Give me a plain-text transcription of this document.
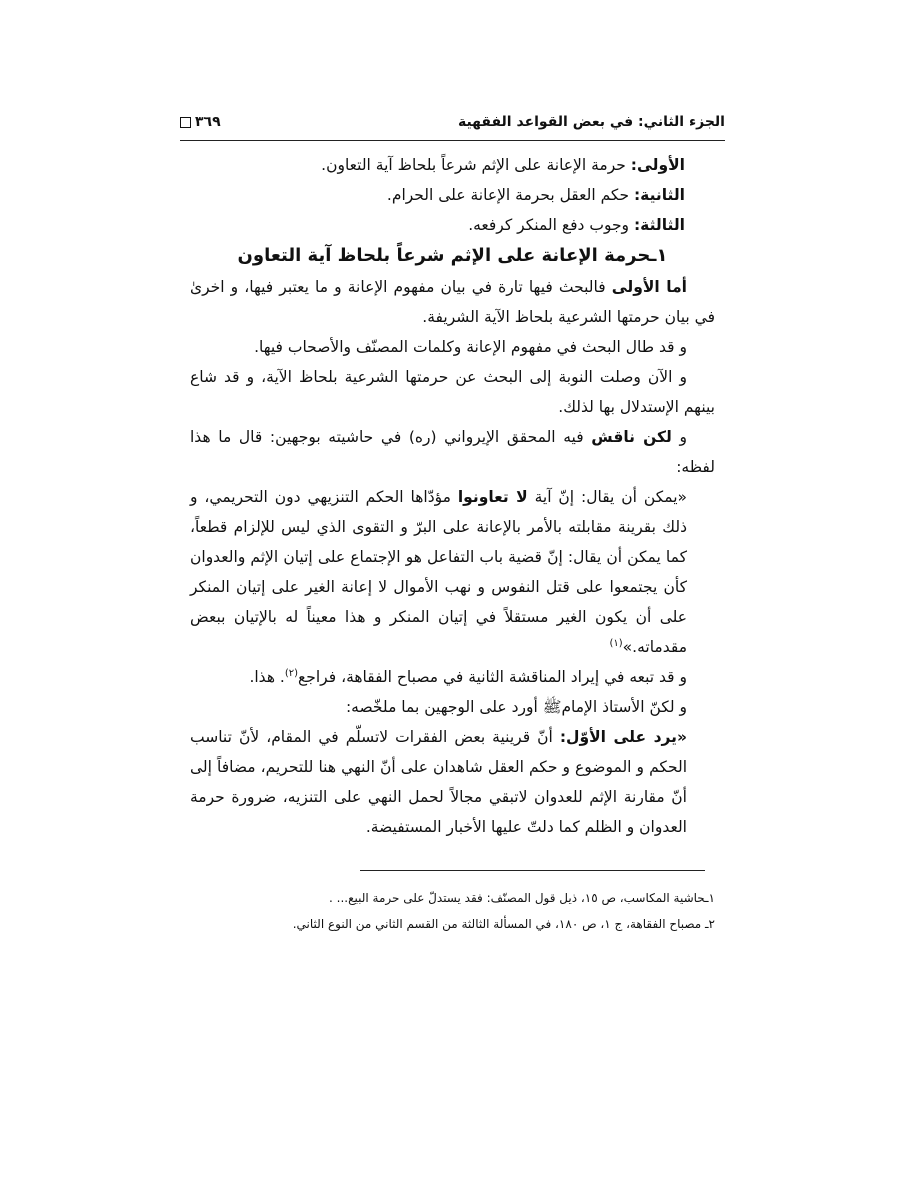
الجزء الثاني: في بعض القواعد الفقهية
٣٦٩

الأولى: حرمة الإعانة على الإثم شرعاً بلحاظ آية التعاون.

الثانية: حكم العقل بحرمة الإعانة على الحرام.

الثالثة: وجوب دفع المنكر كرفعه.

١ـحرمة الإعانة على الإثم شرعاً بلحاظ آية التعاون

أما الأولى فالبحث فيها تارة في بيان مفهوم الإعانة و ما يعتبر فيها، و اخرىٰ في بيان حرمتها الشرعية بلحاظ الآية الشريفة.

و قد طال البحث في مفهوم الإعانة وكلمات المصنّف والأصحاب فيها.

و الآن وصلت النوبة إلى البحث عن حرمتها الشرعية بلحاظ الآية، و قد شاع بينهم الإستدلال بها لذلك.

و لكن ناقش فيه المحقق الإيرواني (ره) في حاشيته بوجهين: قال ما هذا لفظه:

«يمكن أن يقال: إنّ آية لا تعاونوا مؤدّاها الحكم التنزيهي دون التحريمي، و ذلك بقرينة مقابلته بالأمر بالإعانة على البرّ و التقوى الذي ليس للإلزام قطعاً، كما يمكن أن يقال: إنّ قضية باب التفاعل هو الإجتماع على إتيان الإثم والعدوان كأن يجتمعوا على قتل النفوس و نهب الأموال لا إعانة الغير على إتيان المنكر على أن يكون الغير مستقلاً في إتيان المنكر و هذا معيناً له بالإتيان ببعض مقدماته.»$^{(١)}$

و قد تبعه في إيراد المناقشة الثانية في مصباح الفقاهة، فراجع$^{(٢)}$. هذا.

و لكنّ الأستاذ الإمامﷺ أورد على الوجهين بما ملخّصه:

«يرد على الأوّل: أنّ قرينية بعض الفقرات لاتسلّم في المقام، لأنّ تناسب الحكم و الموضوع و حكم العقل شاهدان على أنّ النهي هنا للتحريم، مضافاً إلى أنّ مقارنة الإثم للعدوان لاتبقي مجالاً لحمل النهي على التنزيه، ضرورة حرمة العدوان و الظلم كما دلتّ عليها الأخبار المستفيضة.

١ـحاشية المكاسب، ص ١٥، ذيل قول المصنّف: فقد يستدلّ على حرمة البيع... .

٢ـ مصباح الفقاهة، ج ١، ص ١٨٠، في المسألة الثالثة من القسم الثاني من النوع الثاني.
